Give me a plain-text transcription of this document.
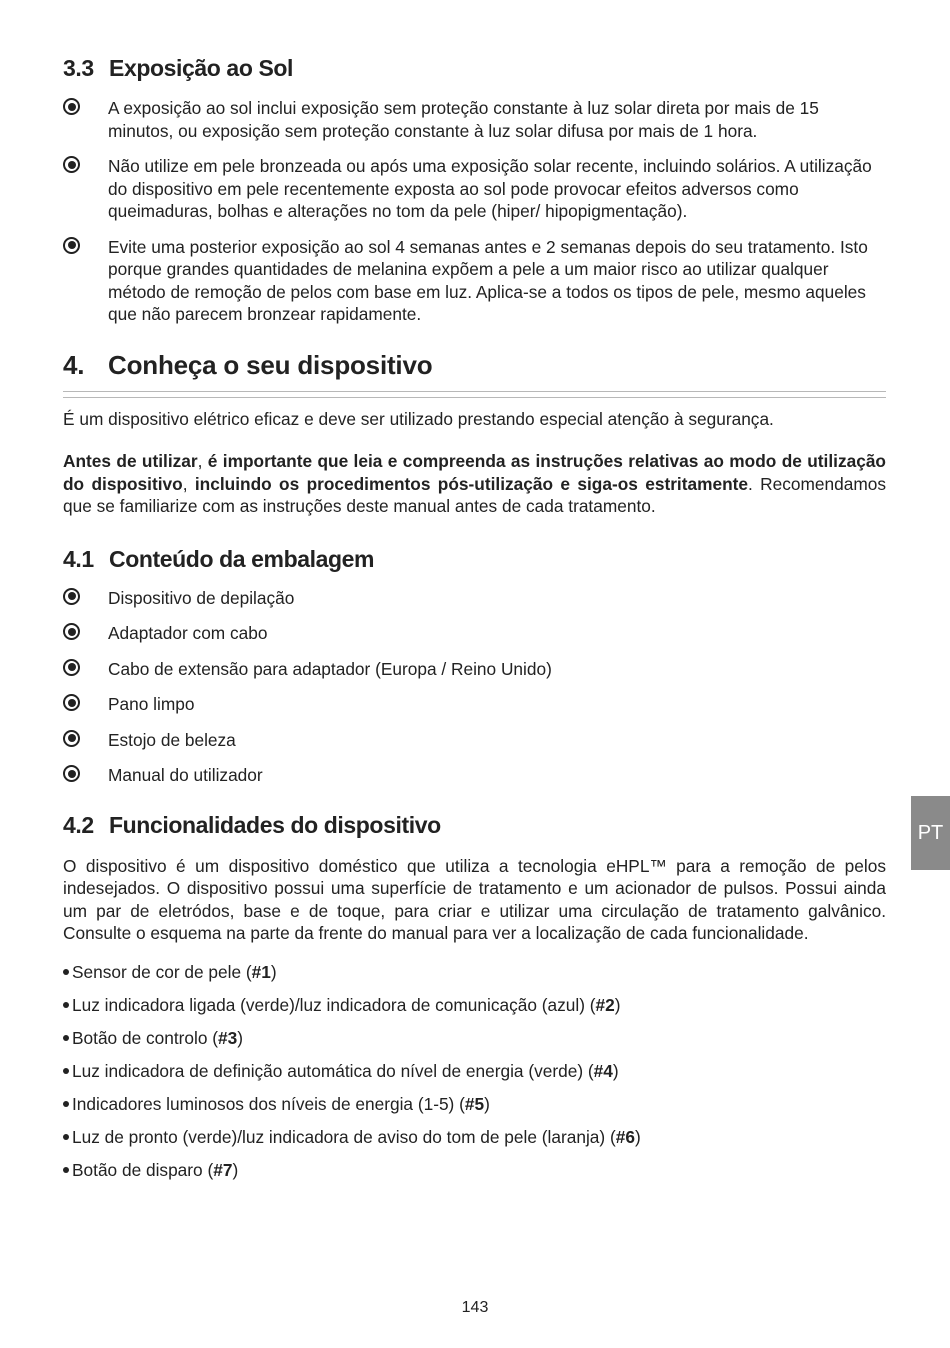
3.3 Exposição ao Sol
A exposição ao sol inclui exposição sem proteção constante à luz solar direta por mais de 15 minutos, ou exposição sem proteção constante à luz solar difusa por mais de 1 hora.
Não utilize em pele bronzeada ou após uma exposição solar recente, incluindo solários. A utilização do dispositivo em pele recentemente exposta ao sol pode provocar efeitos adversos como queimaduras, bolhas e alterações no tom da pele (hiper/ hipopigmentação).
Evite uma posterior exposição ao sol 4 semanas antes e 2 semanas depois do seu tratamento. Isto porque grandes quantidades de melanina expõem a pele a um maior risco ao utilizar qualquer método de remoção de pelos com base em luz. Aplica-se a todos os tipos de pele, mesmo aqueles que não parecem bronzear rapidamente.
4. Conheça o seu dispositivo

É um dispositivo elétrico eficaz e deve ser utilizado prestando especial atenção à segurança.

Antes de utilizar, é importante que leia e compreenda as instruções relativas ao modo de utilização do dispositivo, incluindo os procedimentos pós-utilização e siga-os estritamente. Recomendamos que se familiarize com as instruções deste manual antes de cada tratamento.

4.1 Conteúdo da embalagem
Dispositivo de depilação
Adaptador com cabo
Cabo de extensão para adaptador (Europa / Reino Unido)
Pano limpo
Estojo de beleza
Manual do utilizador
4.2 Funcionalidades do dispositivo

O dispositivo é um dispositivo doméstico que utiliza a tecnologia eHPL™ para a remoção de pelos indesejados. O dispositivo possui uma superfície de tratamento e um acionador de pulsos. Possui ainda um par de eletródos, base e de toque, para criar e utilizar uma circulação de tratamento galvânico. Consulte o esquema na parte da frente do manual para ver a localização de cada funcionalidade.

Sensor de cor de pele (#1)
Luz indicadora ligada (verde)/luz indicadora de comunicação (azul) (#2)
Botão de controlo (#3)
Luz indicadora de definição automática do nível de energia (verde) (#4)
Indicadores luminosos dos níveis de energia (1-5) (#5)
Luz de pronto (verde)/luz indicadora de aviso do tom de pele (laranja) (#6)
Botão de disparo (#7)
PT
143
